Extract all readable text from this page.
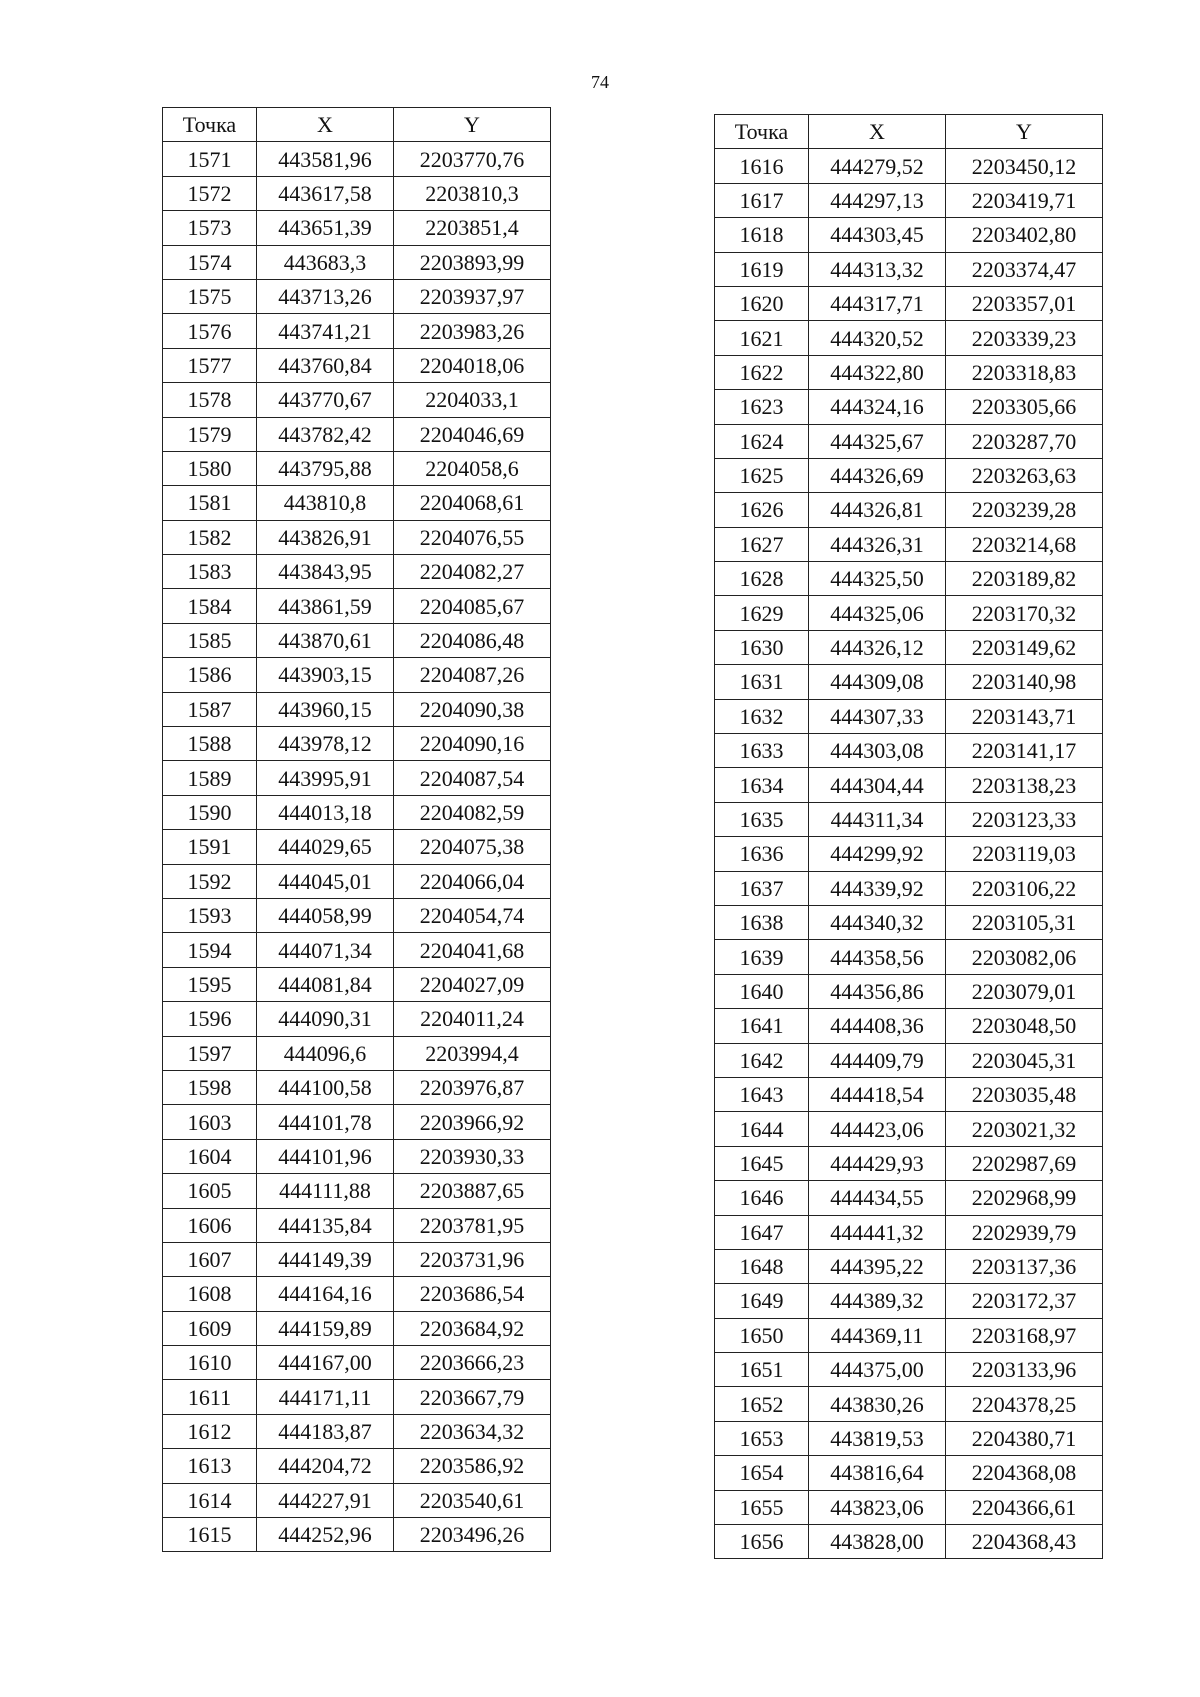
74
Точка	X	Y
1571	443581,96	2203770,76
1572	443617,58	2203810,3
1573	443651,39	2203851,4
1574	443683,3	2203893,99
1575	443713,26	2203937,97
1576	443741,21	2203983,26
1577	443760,84	2204018,06
1578	443770,67	2204033,1
1579	443782,42	2204046,69
1580	443795,88	2204058,6
1581	443810,8	2204068,61
1582	443826,91	2204076,55
1583	443843,95	2204082,27
1584	443861,59	2204085,67
1585	443870,61	2204086,48
1586	443903,15	2204087,26
1587	443960,15	2204090,38
1588	443978,12	2204090,16
1589	443995,91	2204087,54
1590	444013,18	2204082,59
1591	444029,65	2204075,38
1592	444045,01	2204066,04
1593	444058,99	2204054,74
1594	444071,34	2204041,68
1595	444081,84	2204027,09
1596	444090,31	2204011,24
1597	444096,6	2203994,4
1598	444100,58	2203976,87
1603	444101,78	2203966,92
1604	444101,96	2203930,33
1605	444111,88	2203887,65
1606	444135,84	2203781,95
1607	444149,39	2203731,96
1608	444164,16	2203686,54
1609	444159,89	2203684,92
1610	444167,00	2203666,23
1611	444171,11	2203667,79
1612	444183,87	2203634,32
1613	444204,72	2203586,92
1614	444227,91	2203540,61
1615	444252,96	2203496,26
Точка	X	Y
1616	444279,52	2203450,12
1617	444297,13	2203419,71
1618	444303,45	2203402,80
1619	444313,32	2203374,47
1620	444317,71	2203357,01
1621	444320,52	2203339,23
1622	444322,80	2203318,83
1623	444324,16	2203305,66
1624	444325,67	2203287,70
1625	444326,69	2203263,63
1626	444326,81	2203239,28
1627	444326,31	2203214,68
1628	444325,50	2203189,82
1629	444325,06	2203170,32
1630	444326,12	2203149,62
1631	444309,08	2203140,98
1632	444307,33	2203143,71
1633	444303,08	2203141,17
1634	444304,44	2203138,23
1635	444311,34	2203123,33
1636	444299,92	2203119,03
1637	444339,92	2203106,22
1638	444340,32	2203105,31
1639	444358,56	2203082,06
1640	444356,86	2203079,01
1641	444408,36	2203048,50
1642	444409,79	2203045,31
1643	444418,54	2203035,48
1644	444423,06	2203021,32
1645	444429,93	2202987,69
1646	444434,55	2202968,99
1647	444441,32	2202939,79
1648	444395,22	2203137,36
1649	444389,32	2203172,37
1650	444369,11	2203168,97
1651	444375,00	2203133,96
1652	443830,26	2204378,25
1653	443819,53	2204380,71
1654	443816,64	2204368,08
1655	443823,06	2204366,61
1656	443828,00	2204368,43
